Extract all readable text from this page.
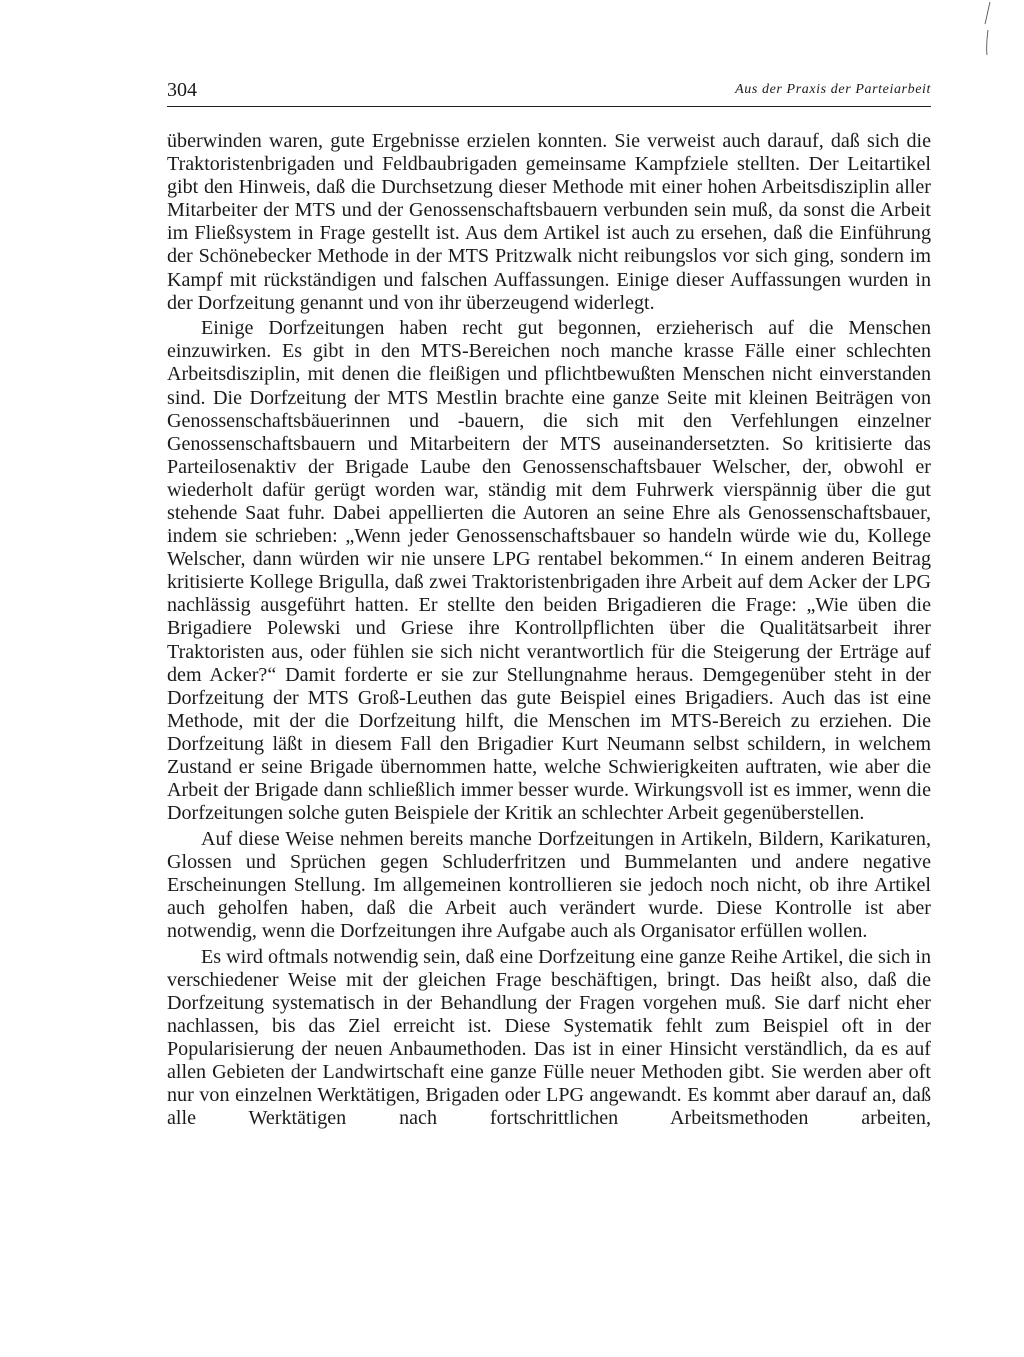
304	Aus der Praxis der Parteiarbeit

überwinden waren, gute Ergebnisse erzielen konnten. Sie verweist auch darauf, daß sich die Traktoristenbrigaden und Feldbaubrigaden gemeinsame Kampfziele stellten. Der Leitartikel gibt den Hinweis, daß die Durchsetzung dieser Methode mit einer hohen Arbeitsdisziplin aller Mitarbeiter der MTS und der Genossenschaftsbauern verbunden sein muß, da sonst die Arbeit im Fließsystem in Frage gestellt ist. Aus dem Artikel ist auch zu ersehen, daß die Einführung der Schönebecker Methode in der MTS Pritzwalk nicht reibungslos vor sich ging, sondern im Kampf mit rückständigen und falschen Auffassungen. Einige dieser Auffassungen wurden in der Dorfzeitung genannt und von ihr überzeugend widerlegt.

Einige Dorfzeitungen haben recht gut begonnen, erzieherisch auf die Menschen einzuwirken. Es gibt in den MTS-Bereichen noch manche krasse Fälle einer schlechten Arbeitsdisziplin, mit denen die fleißigen und pflichtbewußten Menschen nicht einverstanden sind. Die Dorfzeitung der MTS Mestlin brachte eine ganze Seite mit kleinen Beiträgen von Genossenschaftsbäuerinnen und -bauern, die sich mit den Verfehlungen einzelner Genossenschaftsbauern und Mitarbeitern der MTS auseinandersetzten. So kritisierte das Parteilosenaktiv der Brigade Laube den Genossenschaftsbauer Welscher, der, obwohl er wiederholt dafür gerügt worden war, ständig mit dem Fuhrwerk vierspännig über die gut stehende Saat fuhr. Dabei appellierten die Autoren an seine Ehre als Genossenschaftsbauer, indem sie schrieben: „Wenn jeder Genossenschaftsbauer so handeln würde wie du, Kollege Welscher, dann würden wir nie unsere LPG rentabel bekommen.“ In einem anderen Beitrag kritisierte Kollege Brigulla, daß zwei Traktoristenbrigaden ihre Arbeit auf dem Acker der LPG nachlässig ausgeführt hatten. Er stellte den beiden Brigadieren die Frage: „Wie üben die Brigadiere Polewski und Griese ihre Kontrollpflichten über die Qualitätsarbeit ihrer Traktoristen aus, oder fühlen sie sich nicht verantwortlich für die Steigerung der Erträge auf dem Acker?“ Damit forderte er sie zur Stellungnahme heraus. Demgegenüber steht in der Dorfzeitung der MTS Groß-Leuthen das gute Beispiel eines Brigadiers. Auch das ist eine Methode, mit der die Dorfzeitung hilft, die Menschen im MTS-Bereich zu erziehen. Die Dorfzeitung läßt in diesem Fall den Brigadier Kurt Neumann selbst schildern, in welchem Zustand er seine Brigade übernommen hatte, welche Schwierigkeiten auftraten, wie aber die Arbeit der Brigade dann schließlich immer besser wurde. Wirkungsvoll ist es immer, wenn die Dorfzeitungen solche guten Beispiele der Kritik an schlechter Arbeit gegenüberstellen.

Auf diese Weise nehmen bereits manche Dorfzeitungen in Artikeln, Bildern, Karikaturen, Glossen und Sprüchen gegen Schluderfritzen und Bummelanten und andere negative Erscheinungen Stellung. Im allgemeinen kontrollieren sie jedoch noch nicht, ob ihre Artikel auch geholfen haben, daß die Arbeit auch verändert wurde. Diese Kontrolle ist aber notwendig, wenn die Dorfzeitungen ihre Aufgabe auch als Organisator erfüllen wollen.

Es wird oftmals notwendig sein, daß eine Dorfzeitung eine ganze Reihe Artikel, die sich in verschiedener Weise mit der gleichen Frage beschäftigen, bringt. Das heißt also, daß die Dorfzeitung systematisch in der Behandlung der Fragen vorgehen muß. Sie darf nicht eher nachlassen, bis das Ziel erreicht ist. Diese Systematik fehlt zum Beispiel oft in der Popularisierung der neuen Anbaumethoden. Das ist in einer Hinsicht verständlich, da es auf allen Gebieten der Landwirtschaft eine ganze Fülle neuer Methoden gibt. Sie werden aber oft nur von einzelnen Werktätigen, Brigaden oder LPG angewandt. Es kommt aber darauf an, daß alle Werktätigen nach fortschrittlichen Arbeitsmethoden arbeiten,
